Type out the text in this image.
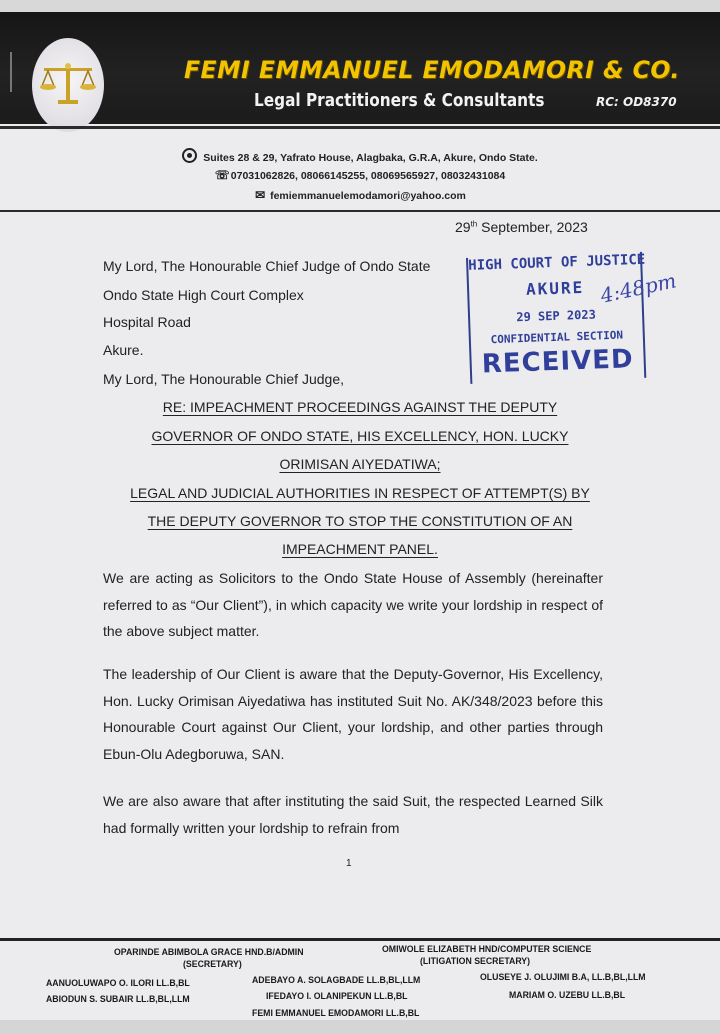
FEMI EMMANUEL EMODAMORI & CO.
Legal Practitioners & Consultants	RC: OD8370
Suites 28 & 29, Yafrato House, Alagbaka, G.R.A, Akure, Ondo State.
☏07031062826, 08066145255, 08069565927, 08032431084
✉ femiemmanuelemodamori@yahoo.com
29th September, 2023
My Lord, The Honourable Chief Judge of Ondo State
Ondo State High Court Complex
Hospital Road
Akure.
My Lord, The Honourable Chief Judge,
HIGH COURT OF JUSTICE
AKURE
29 SEP 2023
CONFIDENTIAL SECTION
RECEIVED
4:48pm
RE: IMPEACHMENT PROCEEDINGS AGAINST THE DEPUTY
GOVERNOR OF ONDO STATE, HIS EXCELLENCY, HON. LUCKY
ORIMISAN AIYEDATIWA;
LEGAL AND JUDICIAL AUTHORITIES IN RESPECT OF ATTEMPT(S) BY
THE DEPUTY GOVERNOR TO STOP THE CONSTITUTION OF AN
IMPEACHMENT PANEL.
We are acting as Solicitors to the Ondo State House of Assembly (hereinafter referred to as “Our Client”), in which capacity we write your lordship in respect of the above subject matter.
The leadership of Our Client is aware that the Deputy-Governor, His Excellency, Hon. Lucky Orimisan Aiyedatiwa has instituted Suit No. AK/348/2023 before this Honourable Court against Our Client, your lordship, and other parties through Ebun-Olu Adegboruwa, SAN.
We are also aware that after instituting the said Suit, the respected Learned Silk had formally written your lordship to refrain from
1
OPARINDE ABIMBOLA GRACE HND.B/ADMIN
(SECRETARY)
OMIWOLE ELIZABETH HND/COMPUTER SCIENCE
(LITIGATION SECRETARY)
AANUOLUWAPO O. ILORI LL.B,BL	ADEBAYO A. SOLAGBADE LL.B,BL,LLM	OLUSEYE J. OLUJIMI B.A, LL.B,BL,LLM
ABIODUN S. SUBAIR LL.B,BL,LLM	IFEDAYO I. OLANIPEKUN LL.B,BL	MARIAM O. UZEBU LL.B,BL
FEMI EMMANUEL EMODAMORI LL.B,BL
